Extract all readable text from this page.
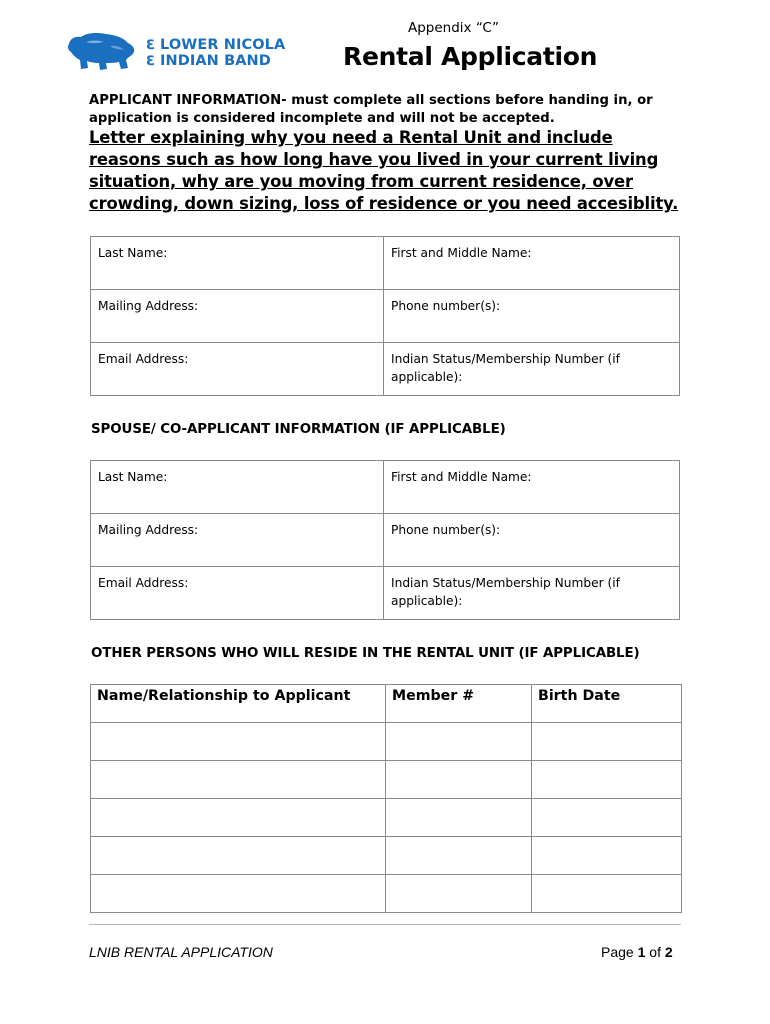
ℇ LOWER NICOLA
ℇ INDIAN BAND
Appendix “C”
Rental Application
APPLICANT INFORMATION- must complete all sections before handing in, or application is considered incomplete and will not be accepted.
Letter explaining why you need a Rental Unit and include reasons such as how long have you lived in your current living situation, why are you moving from current residence, over crowding, down sizing, loss of residence or you need accesiblity.
Last Name:	First and Middle Name:
Mailing Address:	Phone number(s):
Email Address:	Indian Status/Membership Number (if applicable):
SPOUSE/ CO-APPLICANT INFORMATION (IF APPLICABLE)
Last Name:	First and Middle Name:
Mailing Address:	Phone number(s):
Email Address:	Indian Status/Membership Number (if applicable):
OTHER PERSONS WHO WILL RESIDE IN THE RENTAL UNIT (IF APPLICABLE)
Name/Relationship to Applicant	Member #	Birth Date

LNIB RENTAL APPLICATION	Page 1 of 2
